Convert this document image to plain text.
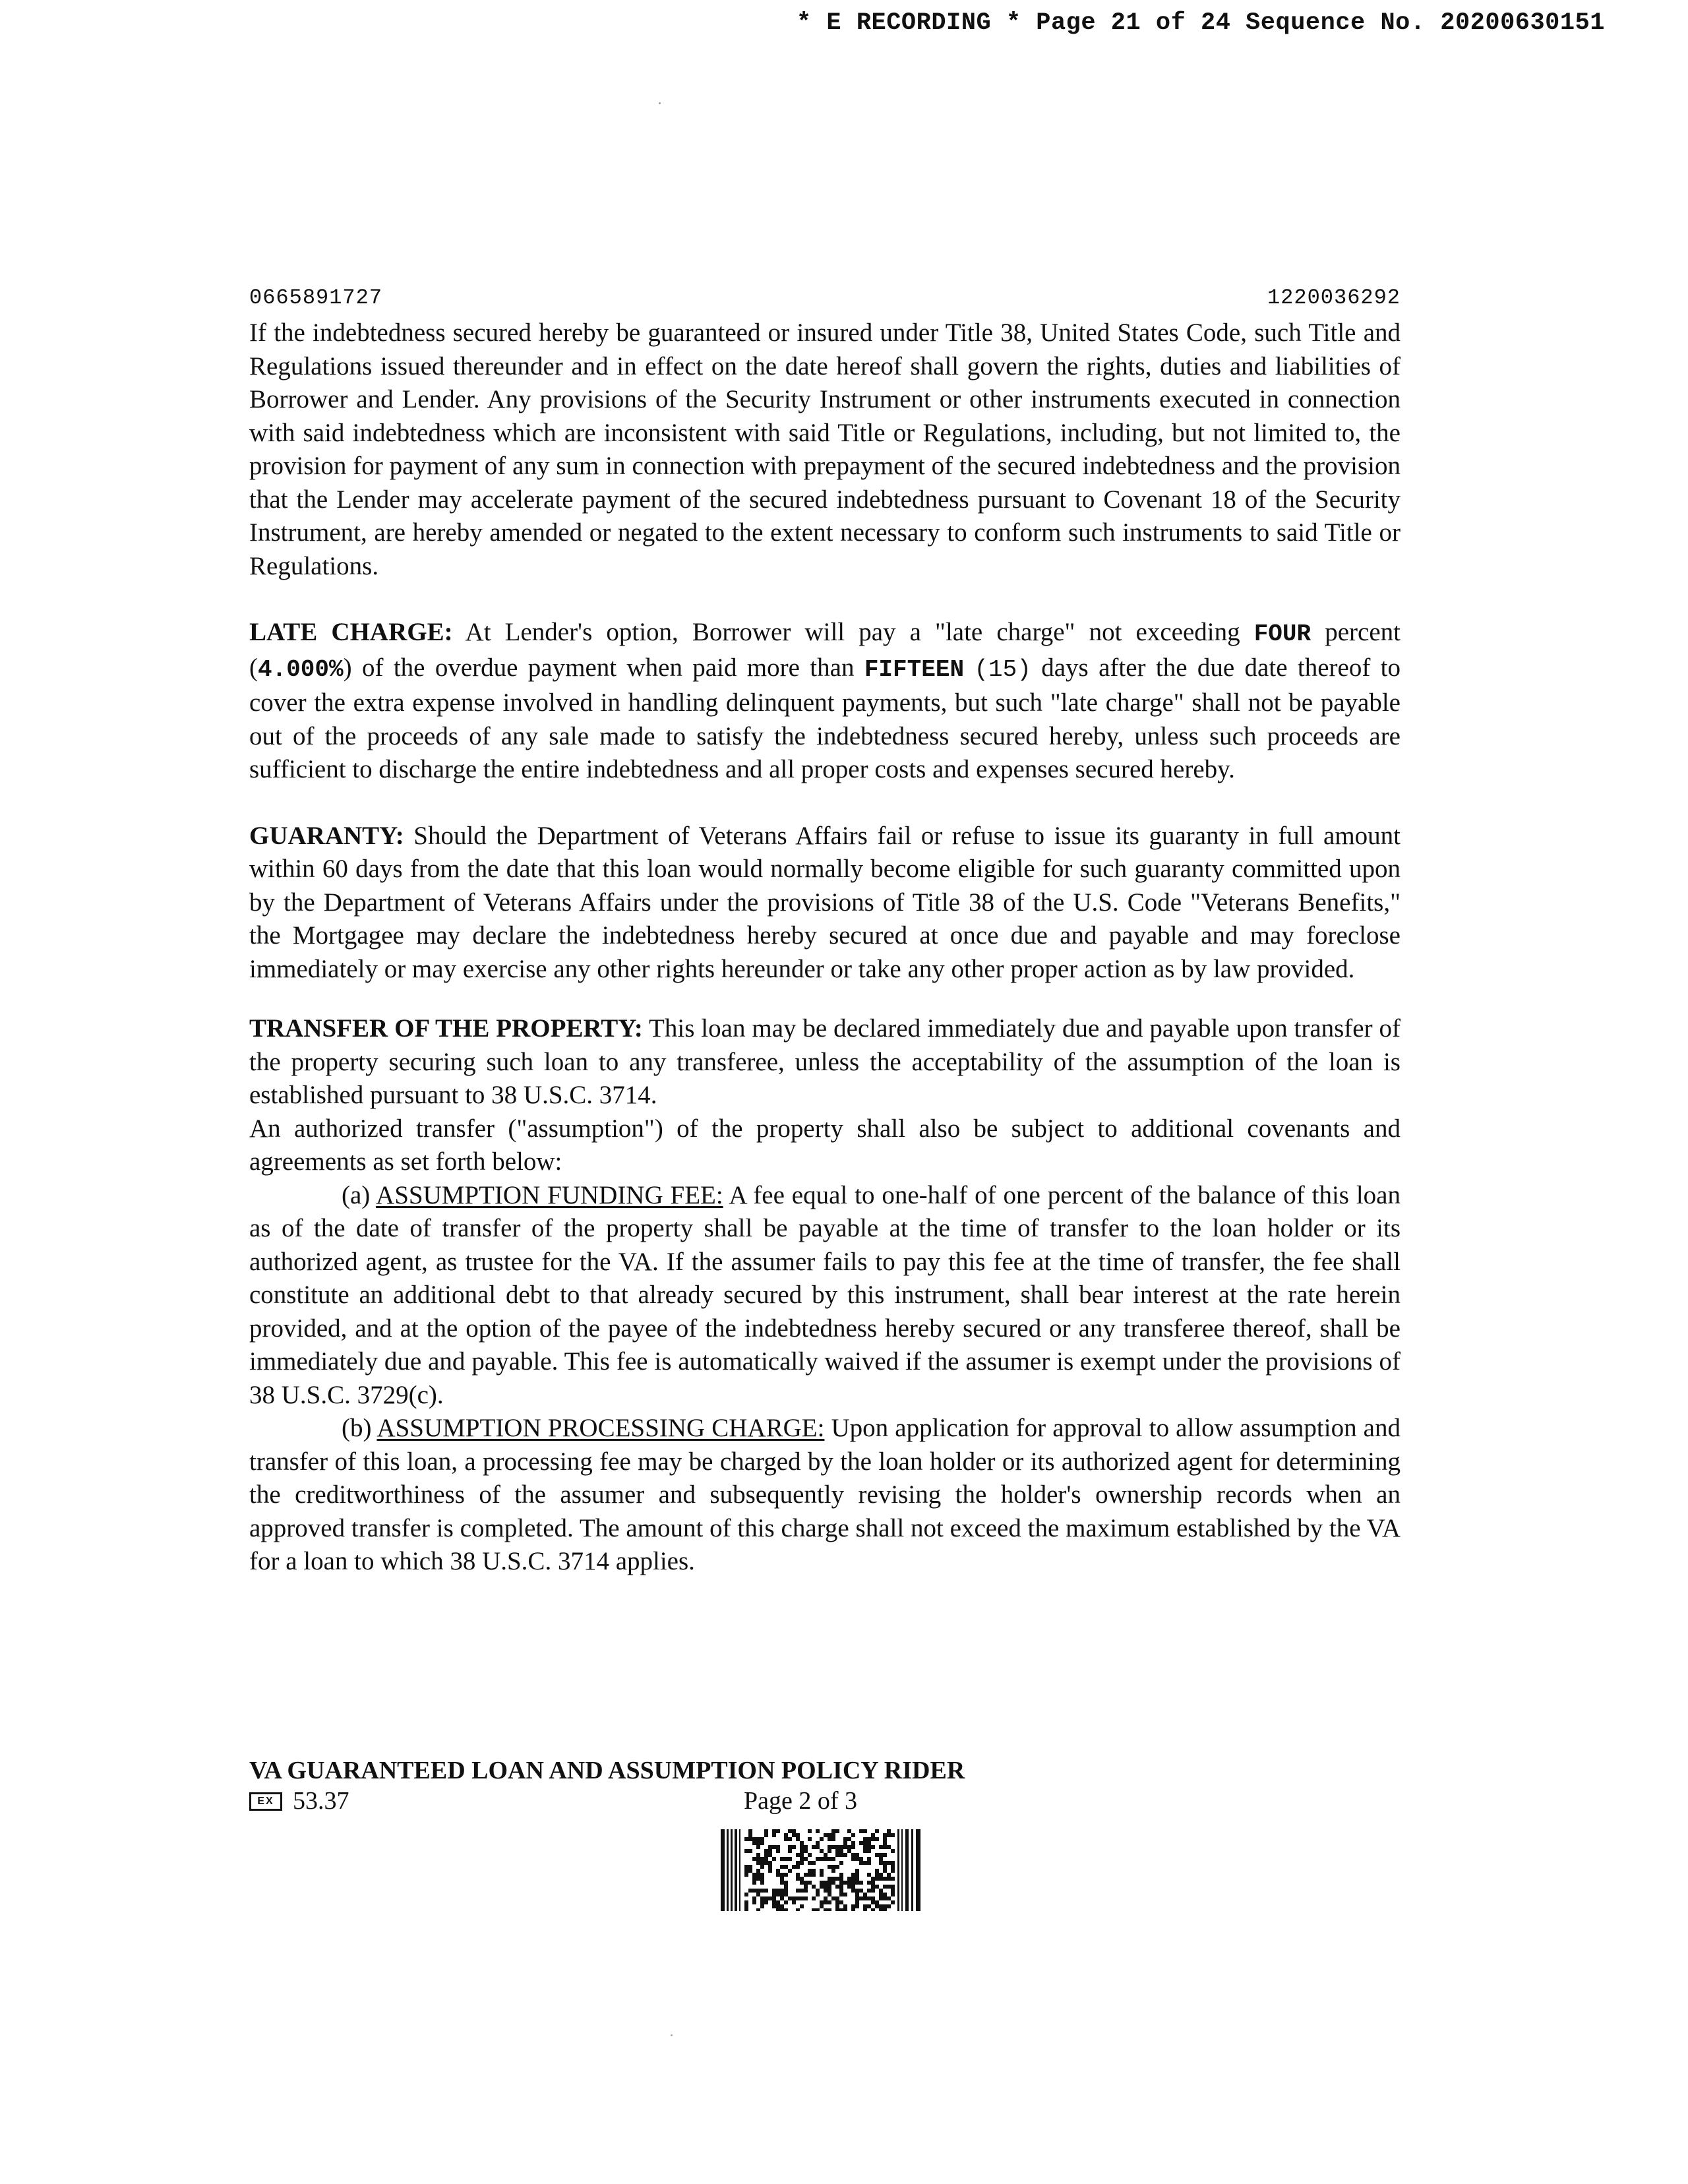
* E RECORDING * Page 21 of 24 Sequence No. 20200630151
0665891727	1220036292

If the indebtedness secured hereby be guaranteed or insured under Title 38, United States Code, such Title and Regulations issued thereunder and in effect on the date hereof shall govern the rights, duties and liabilities of Borrower and Lender. Any provisions of the Security Instrument or other instruments executed in connection with said indebtedness which are inconsistent with said Title or Regulations, including, but not limited to, the provision for payment of any sum in connection with prepayment of the secured indebtedness and the provision that the Lender may accelerate payment of the secured indebtedness pursuant to Covenant 18 of the Security Instrument, are hereby amended or negated to the extent necessary to conform such instruments to said Title or Regulations.

LATE CHARGE: At Lender's option, Borrower will pay a "late charge" not exceeding FOUR percent (4.000%) of the overdue payment when paid more than FIFTEEN (15) days after the due date thereof to cover the extra expense involved in handling delinquent payments, but such "late charge" shall not be payable out of the proceeds of any sale made to satisfy the indebtedness secured hereby, unless such proceeds are sufficient to discharge the entire indebtedness and all proper costs and expenses secured hereby.

GUARANTY: Should the Department of Veterans Affairs fail or refuse to issue its guaranty in full amount within 60 days from the date that this loan would normally become eligible for such guaranty committed upon by the Department of Veterans Affairs under the provisions of Title 38 of the U.S. Code "Veterans Benefits," the Mortgagee may declare the indebtedness hereby secured at once due and payable and may foreclose immediately or may exercise any other rights hereunder or take any other proper action as by law provided.

TRANSFER OF THE PROPERTY: This loan may be declared immediately due and payable upon transfer of the property securing such loan to any transferee, unless the acceptability of the assumption of the loan is established pursuant to 38 U.S.C. 3714.

An authorized transfer ("assumption") of the property shall also be subject to additional covenants and agreements as set forth below:

(a) ASSUMPTION FUNDING FEE: A fee equal to one-half of one percent of the balance of this loan as of the date of transfer of the property shall be payable at the time of transfer to the loan holder or its authorized agent, as trustee for the VA. If the assumer fails to pay this fee at the time of transfer, the fee shall constitute an additional debt to that already secured by this instrument, shall bear interest at the rate herein provided, and at the option of the payee of the indebtedness hereby secured or any transferee thereof, shall be immediately due and payable. This fee is automatically waived if the assumer is exempt under the provisions of 38 U.S.C. 3729(c).

(b) ASSUMPTION PROCESSING CHARGE: Upon application for approval to allow assumption and transfer of this loan, a processing fee may be charged by the loan holder or its authorized agent for determining the creditworthiness of the assumer and subsequently revising the holder's ownership records when an approved transfer is completed. The amount of this charge shall not exceed the maximum established by the VA for a loan to which 38 U.S.C. 3714 applies.

VA GUARANTEED LOAN AND ASSUMPTION POLICY RIDER
EX 53.37	Page 2 of 3
